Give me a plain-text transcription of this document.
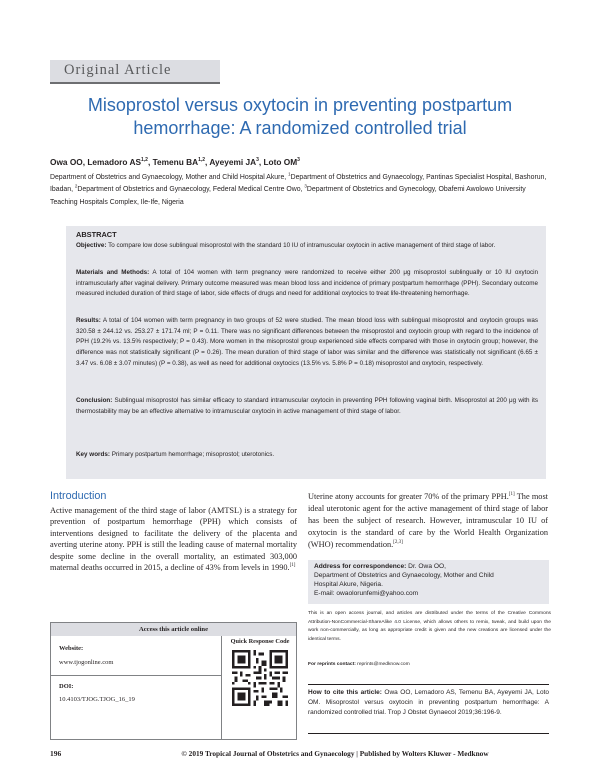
Original Article
Misoprostol versus oxytocin in preventing postpartum
hemorrhage: A randomized controlled trial
Owa OO, Lemadoro AS$^{1,2}$, Temenu BA$^{1,2}$, Ayeyemi $JA^3$, Loto $OM^3$

Department of Obstetrics and Gynaecology, Mother and Child Hospital Akure, $^1$Department of Obstetrics and Gynaecology, Pantinas Specialist Hospital, Bashorun, Ibadan, $^2$Department of Obstetrics and Gynaecology, Federal Medical Centre Owo, $^3$Department of Obstetrics and Gynecology, Obafemi Awolowo University Teaching Hospitals Complex, Ile-Ife, Nigeria

ABSTRACT

Objective: To compare low dose sublingual misoprostol with the standard 10 IU of intramuscular oxytocin in active management of third stage of labor.

Materials and Methods: A total of 104 women with term pregnancy were randomized to receive either 200 μg misoprostol sublingually or 10 IU oxytocin intramuscularly after vaginal delivery. Primary outcome measured was mean blood loss and incidence of primary postpartum hemorrhage (PPH). Secondary outcome measured included duration of third stage of labor, side effects of drugs and need for additional oxytocics to treat life-threatening hemorrhage.

Results: A total of 104 women with term pregnancy in two groups of 52 were studied. The mean blood loss with sublingual misoprostol and oxytocin groups was 320.58 ± 244.12 vs. 253.27 ± 171.74 ml; P = 0.11. There was no significant differences between the misoprostol and oxytocin group with regard to the incidence of PPH (19.2% vs. 13.5% respectively; P = 0.43). More women in the misoprostol group experienced side effects compared with those in oxytocin group; however, the difference was not statistically significant (P = 0.26). The mean duration of third stage of labor was similar and the difference was statistically not significant (6.65 ± 3.47 vs. 6.08 ± 3.07 minutes) (P = 0.38), as well as need for additional oxytocics (13.5% vs. 5.8% P = 0.18) misoprostol and oxytocin, respectively.

Conclusion: Sublingual misoprostol has similar efficacy to standard intramuscular oxytocin in preventing PPH following vaginal birth. Misoprostol at 200 μg with its thermostability may be an effective alternative to intramuscular oxytocin in active management of third stage of labor.

Key words: Primary postpartum hemorrhage; misoprostol; uterotonics.

Introduction

Active management of the third stage of labor (AMTSL) is a strategy for prevention of postpartum hemorrhage (PPH) which consists of interventions designed to facilitate the delivery of the placenta and averting uterine atony. PPH is still the leading cause of maternal mortality despite some decline in the overall mortality, an estimated 303,000 maternal deaths occurred in 2015, a decline of 43% from levels in 1990.[1]

Uterine atony accounts for greater 70% of the primary PPH.[1] The most ideal uterotonic agent for the active management of third stage of labor has been the subject of research. However, intramuscular 10 IU of oxytocin is the standard of care by the World Health Organization (WHO) recommendation.[2,3]

Access this article online
Website:
www.tjogonline.com
DOI:
10.4103/TJOG.TJOG_16_19
Quick Response Code

Address for correspondence: Dr. Owa OO,

Department of Obstetrics and Gynaecology, Mother and Child

Hospital Akure, Nigeria.

E-mail: owaolorunfemi@yahoo.com

This is an open access journal, and articles are distributed under the terms of the Creative Commons Attribution-NonCommercial-ShareAlike 4.0 License, which allows others to remix, tweak, and build upon the work non-commercially, as long as appropriate credit is given and the new creations are licensed under the identical terms.

For reprints contact: reprints@medknow.com

How to cite this article: Owa OO, Lemadoro AS, Temenu BA, Ayeyemi JA, Loto OM. Misoprostol versus oxytocin in preventing postpartum hemorrhage: A randomized controlled trial. Trop J Obstet Gynaecol 2019;36:196-9.

196	© 2019 Tropical Journal of Obstetrics and Gynaecology | Published by Wolters Kluwer - Medknow
